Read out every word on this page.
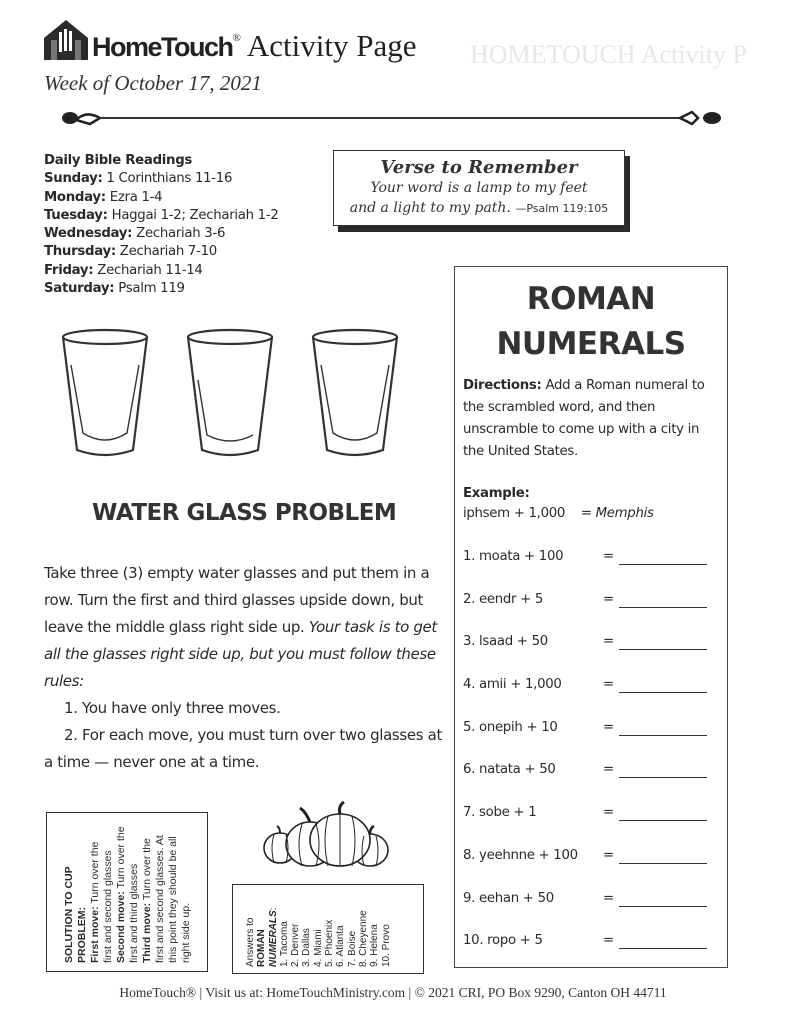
HOMETOUCH Activity P
HomeTouch® Activity Page
Week of October 17, 2021
Daily Bible Readings
Sunday: 1 Corinthians 11-16
Monday: Ezra 1-4
Tuesday: Haggai 1-2; Zechariah 1-2
Wednesday: Zechariah 3-6
Thursday: Zechariah 7-10
Friday: Zechariah 11-14
Saturday: Psalm 119
Verse to Remember
Your word is a lamp to my feet
and a light to my path. —Psalm 119:105
WATER GLASS PROBLEM

Take three (3) empty water glasses and put them in a row. Turn the first and third glasses upside down, but leave the middle glass right side up. Your task is to get all the glasses right side up, but you must follow these rules:

1. You have only three moves.

2. For each move, you must turn over two glasses at a time — never one at a time.

ROMAN
NUMERALS
Directions: Add a Roman numeral to the scrambled word, and then unscramble to come up with a city in the United States.
Example:
iphsem + 1,000 = Memphis
1. moata + 100	=
2. eendr + 5	=
3. lsaad + 50	=
4. amii + 1,000	=
5. onepih + 10	=
6. natata + 50	=
7. sobe + 1	=
8. yeehnne + 100 =
9. eehan + 50	=
10. ropo + 5	=
SOLUTION TO CUP PROBLEM: First move: Turn over the first and second glasses Second move: Turn over the first and third glasses Third move: Turn over the first and second glasses. At this point they should be all right side up.	Answers to ROMAN NUMERALS:
1. Tacoma 2. Denver 3. Dallas 4. Miami 5. Phoenix 6. Atlanta 7. Boise 8. Cheyenne 9. Helena 10. Provo
HomeTouch® | Visit us at: HomeTouchMinistry.com | © 2021 CRI, PO Box 9290, Canton OH 44711
